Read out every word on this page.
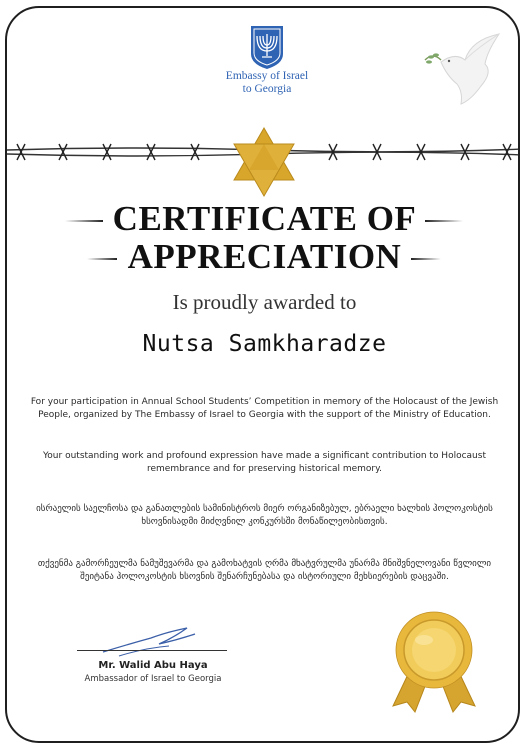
Embassy of Israel
to Georgia
CERTIFICATE OF
APPRECIATION
Is proudly awarded to
Nutsa Samkharadze
For your participation in Annual School Students’ Competition in memory of the Holocaust of the Jewish People, organized by The Embassy of Israel to Georgia with the support of the Ministry of Education.
Your outstanding work and profound expression have made a significant contribution to Holocaust remembrance and for preserving historical memory.
ისრაელის საელჩოსა და განათლების სამინისტროს მიერ ორგანიზებულ, ებრაელი ხალხის ჰოლოკოსტის ხსოვნისადმი მიძღვნილ კონკურსში მონაწილეობისთვის.
თქვენმა გამორჩეულმა ნამუშევარმა და გამოხატვის ღრმა მხატვრულმა უნარმა მნიშვნელოვანი წვლილი შეიტანა ჰოლოკოსტის ხსოვნის შენარჩუნებასა და ისტორიული მეხსიერების დაცვაში.
Mr. Walid Abu Haya
Ambassador of Israel to Georgia
